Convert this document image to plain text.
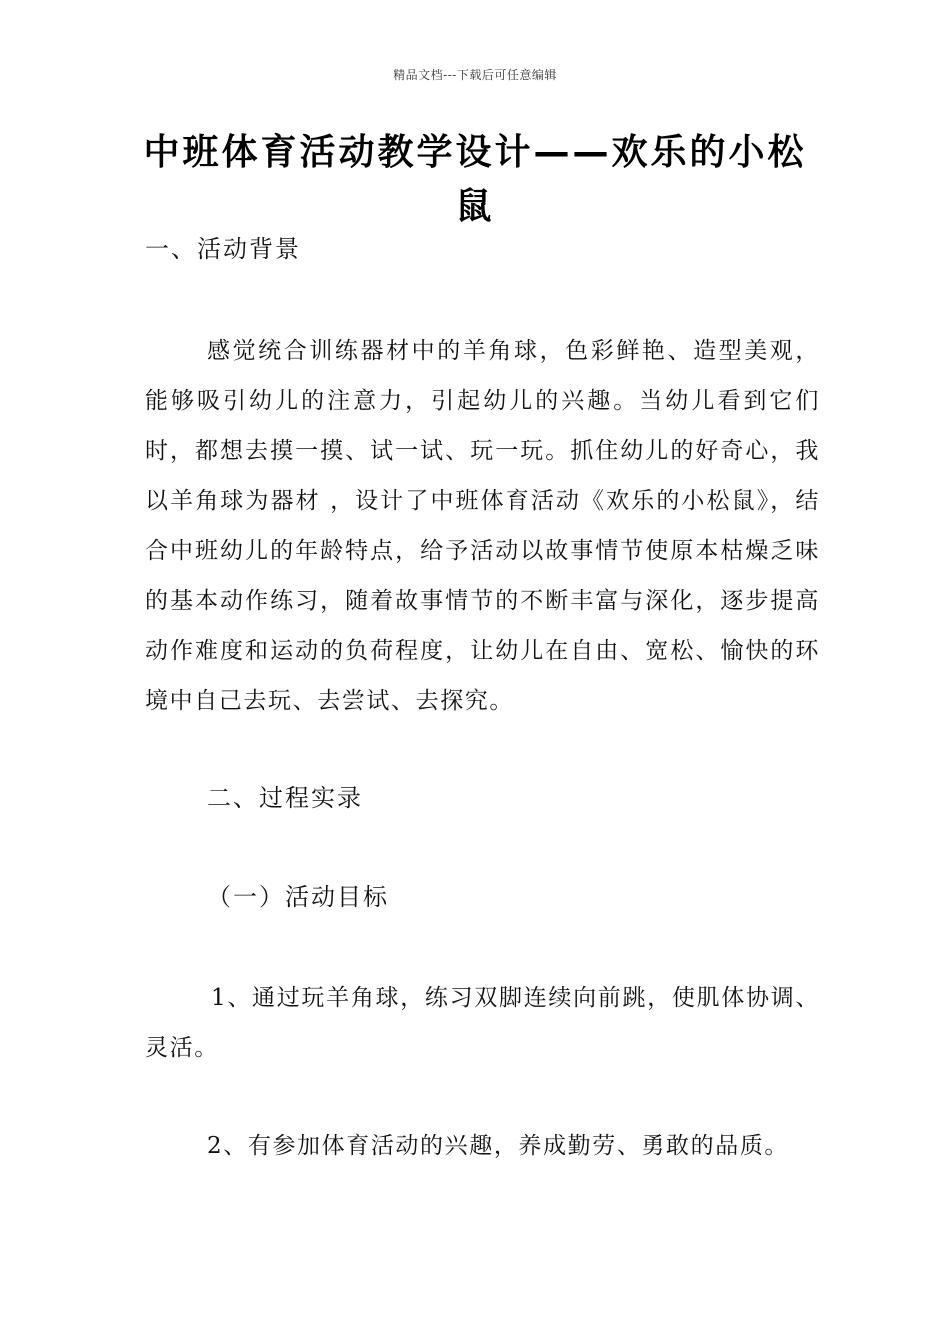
精品文档---下载后可任意编辑
中班体育活动教学设计——欢乐的小松鼠
一、活动背景
感觉统合训练器材中的羊角球，色彩鲜艳、造型美观，能够吸引幼儿的注意力，引起幼儿的兴趣。当幼儿看到它们时，都想去摸一摸、试一试、玩一玩。抓住幼儿的好奇心，我以羊角球为器材 ，设计了中班体育活动《欢乐的小松鼠》，结合中班幼儿的年龄特点，给予活动以故事情节使原本枯燥乏味的基本动作练习，随着故事情节的不断丰富与深化，逐步提高动作难度和运动的负荷程度，让幼儿在自由、宽松、愉快的环境中自己去玩、去尝试、去探究。
二、过程实录
（一）活动目标
1、通过玩羊角球，练习双脚连续向前跳，使肌体协调、灵活。
2、有参加体育活动的兴趣，养成勤劳、勇敢的品质。
